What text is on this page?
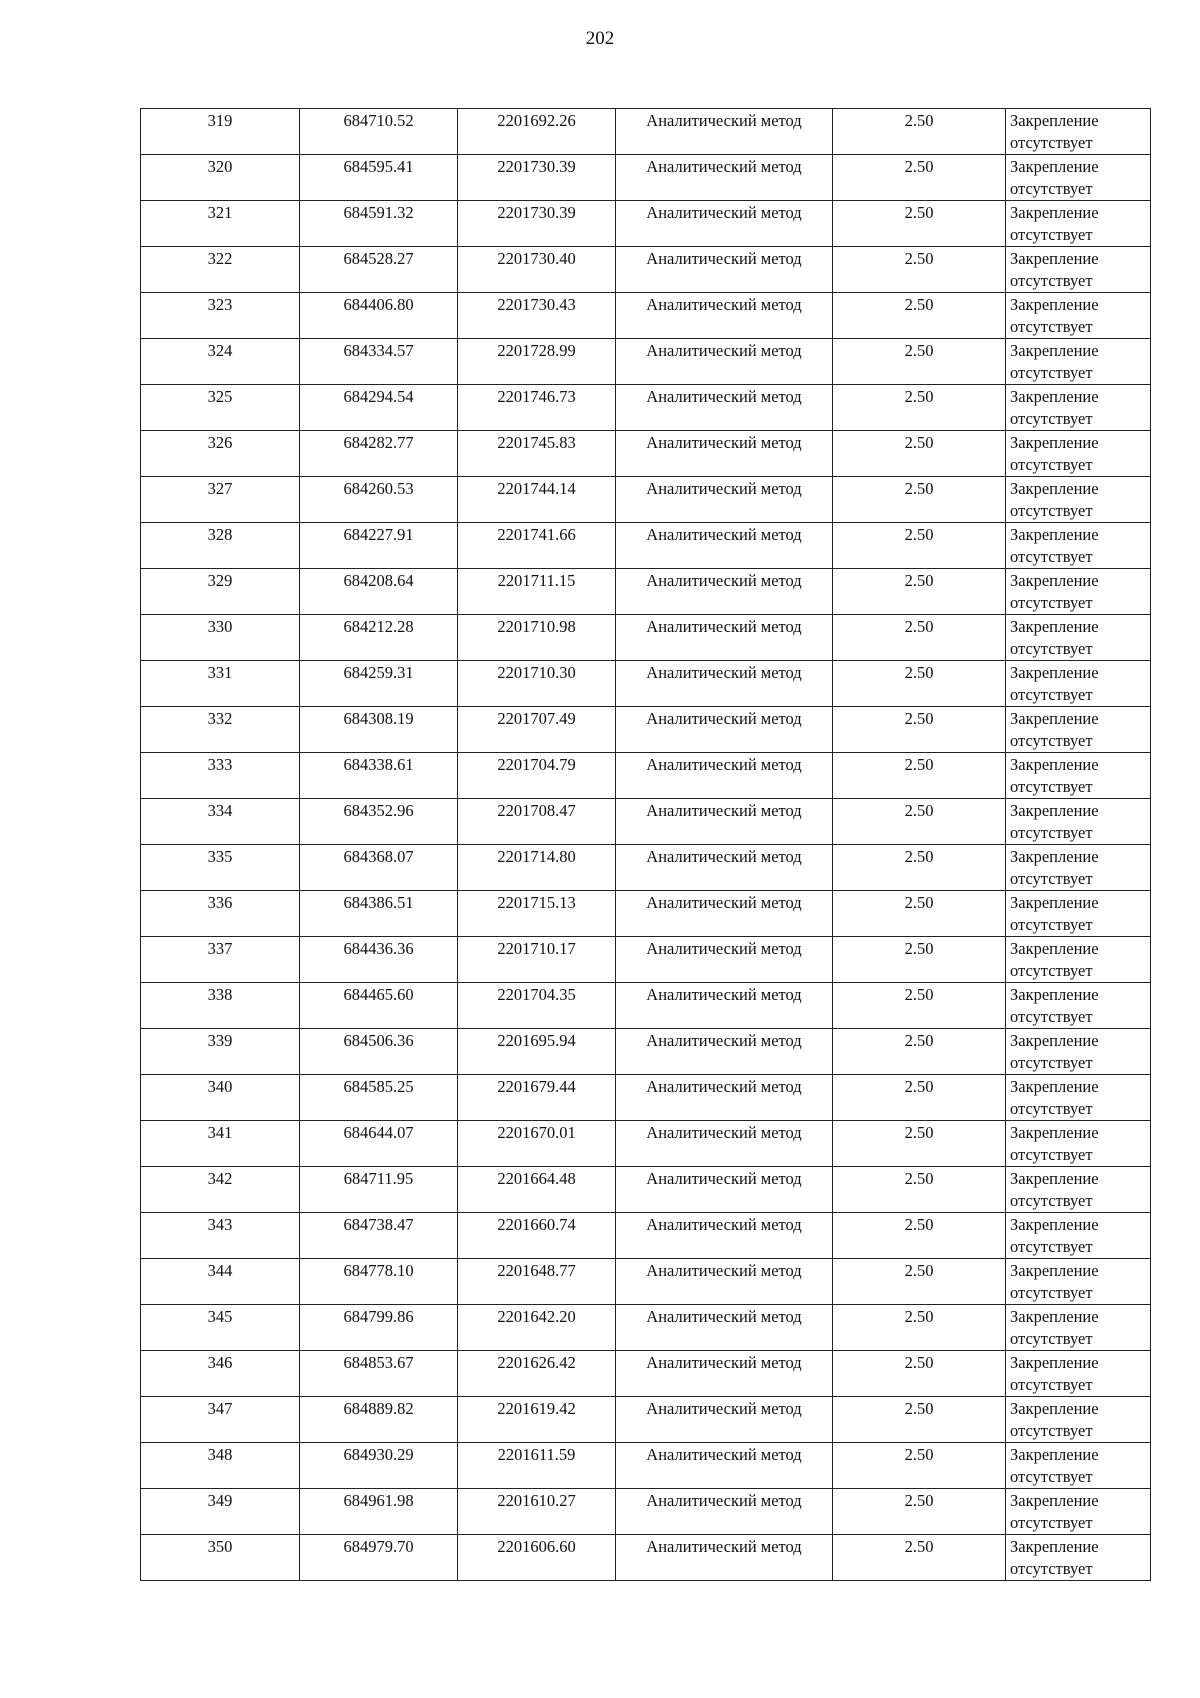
202
319	684710.52	2201692.26	Аналитический метод	2.50	Закрепление отсутствует
320	684595.41	2201730.39	Аналитический метод	2.50	Закрепление отсутствует
321	684591.32	2201730.39	Аналитический метод	2.50	Закрепление отсутствует
322	684528.27	2201730.40	Аналитический метод	2.50	Закрепление отсутствует
323	684406.80	2201730.43	Аналитический метод	2.50	Закрепление отсутствует
324	684334.57	2201728.99	Аналитический метод	2.50	Закрепление отсутствует
325	684294.54	2201746.73	Аналитический метод	2.50	Закрепление отсутствует
326	684282.77	2201745.83	Аналитический метод	2.50	Закрепление отсутствует
327	684260.53	2201744.14	Аналитический метод	2.50	Закрепление отсутствует
328	684227.91	2201741.66	Аналитический метод	2.50	Закрепление отсутствует
329	684208.64	2201711.15	Аналитический метод	2.50	Закрепление отсутствует
330	684212.28	2201710.98	Аналитический метод	2.50	Закрепление отсутствует
331	684259.31	2201710.30	Аналитический метод	2.50	Закрепление отсутствует
332	684308.19	2201707.49	Аналитический метод	2.50	Закрепление отсутствует
333	684338.61	2201704.79	Аналитический метод	2.50	Закрепление отсутствует
334	684352.96	2201708.47	Аналитический метод	2.50	Закрепление отсутствует
335	684368.07	2201714.80	Аналитический метод	2.50	Закрепление отсутствует
336	684386.51	2201715.13	Аналитический метод	2.50	Закрепление отсутствует
337	684436.36	2201710.17	Аналитический метод	2.50	Закрепление отсутствует
338	684465.60	2201704.35	Аналитический метод	2.50	Закрепление отсутствует
339	684506.36	2201695.94	Аналитический метод	2.50	Закрепление отсутствует
340	684585.25	2201679.44	Аналитический метод	2.50	Закрепление отсутствует
341	684644.07	2201670.01	Аналитический метод	2.50	Закрепление отсутствует
342	684711.95	2201664.48	Аналитический метод	2.50	Закрепление отсутствует
343	684738.47	2201660.74	Аналитический метод	2.50	Закрепление отсутствует
344	684778.10	2201648.77	Аналитический метод	2.50	Закрепление отсутствует
345	684799.86	2201642.20	Аналитический метод	2.50	Закрепление отсутствует
346	684853.67	2201626.42	Аналитический метод	2.50	Закрепление отсутствует
347	684889.82	2201619.42	Аналитический метод	2.50	Закрепление отсутствует
348	684930.29	2201611.59	Аналитический метод	2.50	Закрепление отсутствует
349	684961.98	2201610.27	Аналитический метод	2.50	Закрепление отсутствует
350	684979.70	2201606.60	Аналитический метод	2.50	Закрепление отсутствует
